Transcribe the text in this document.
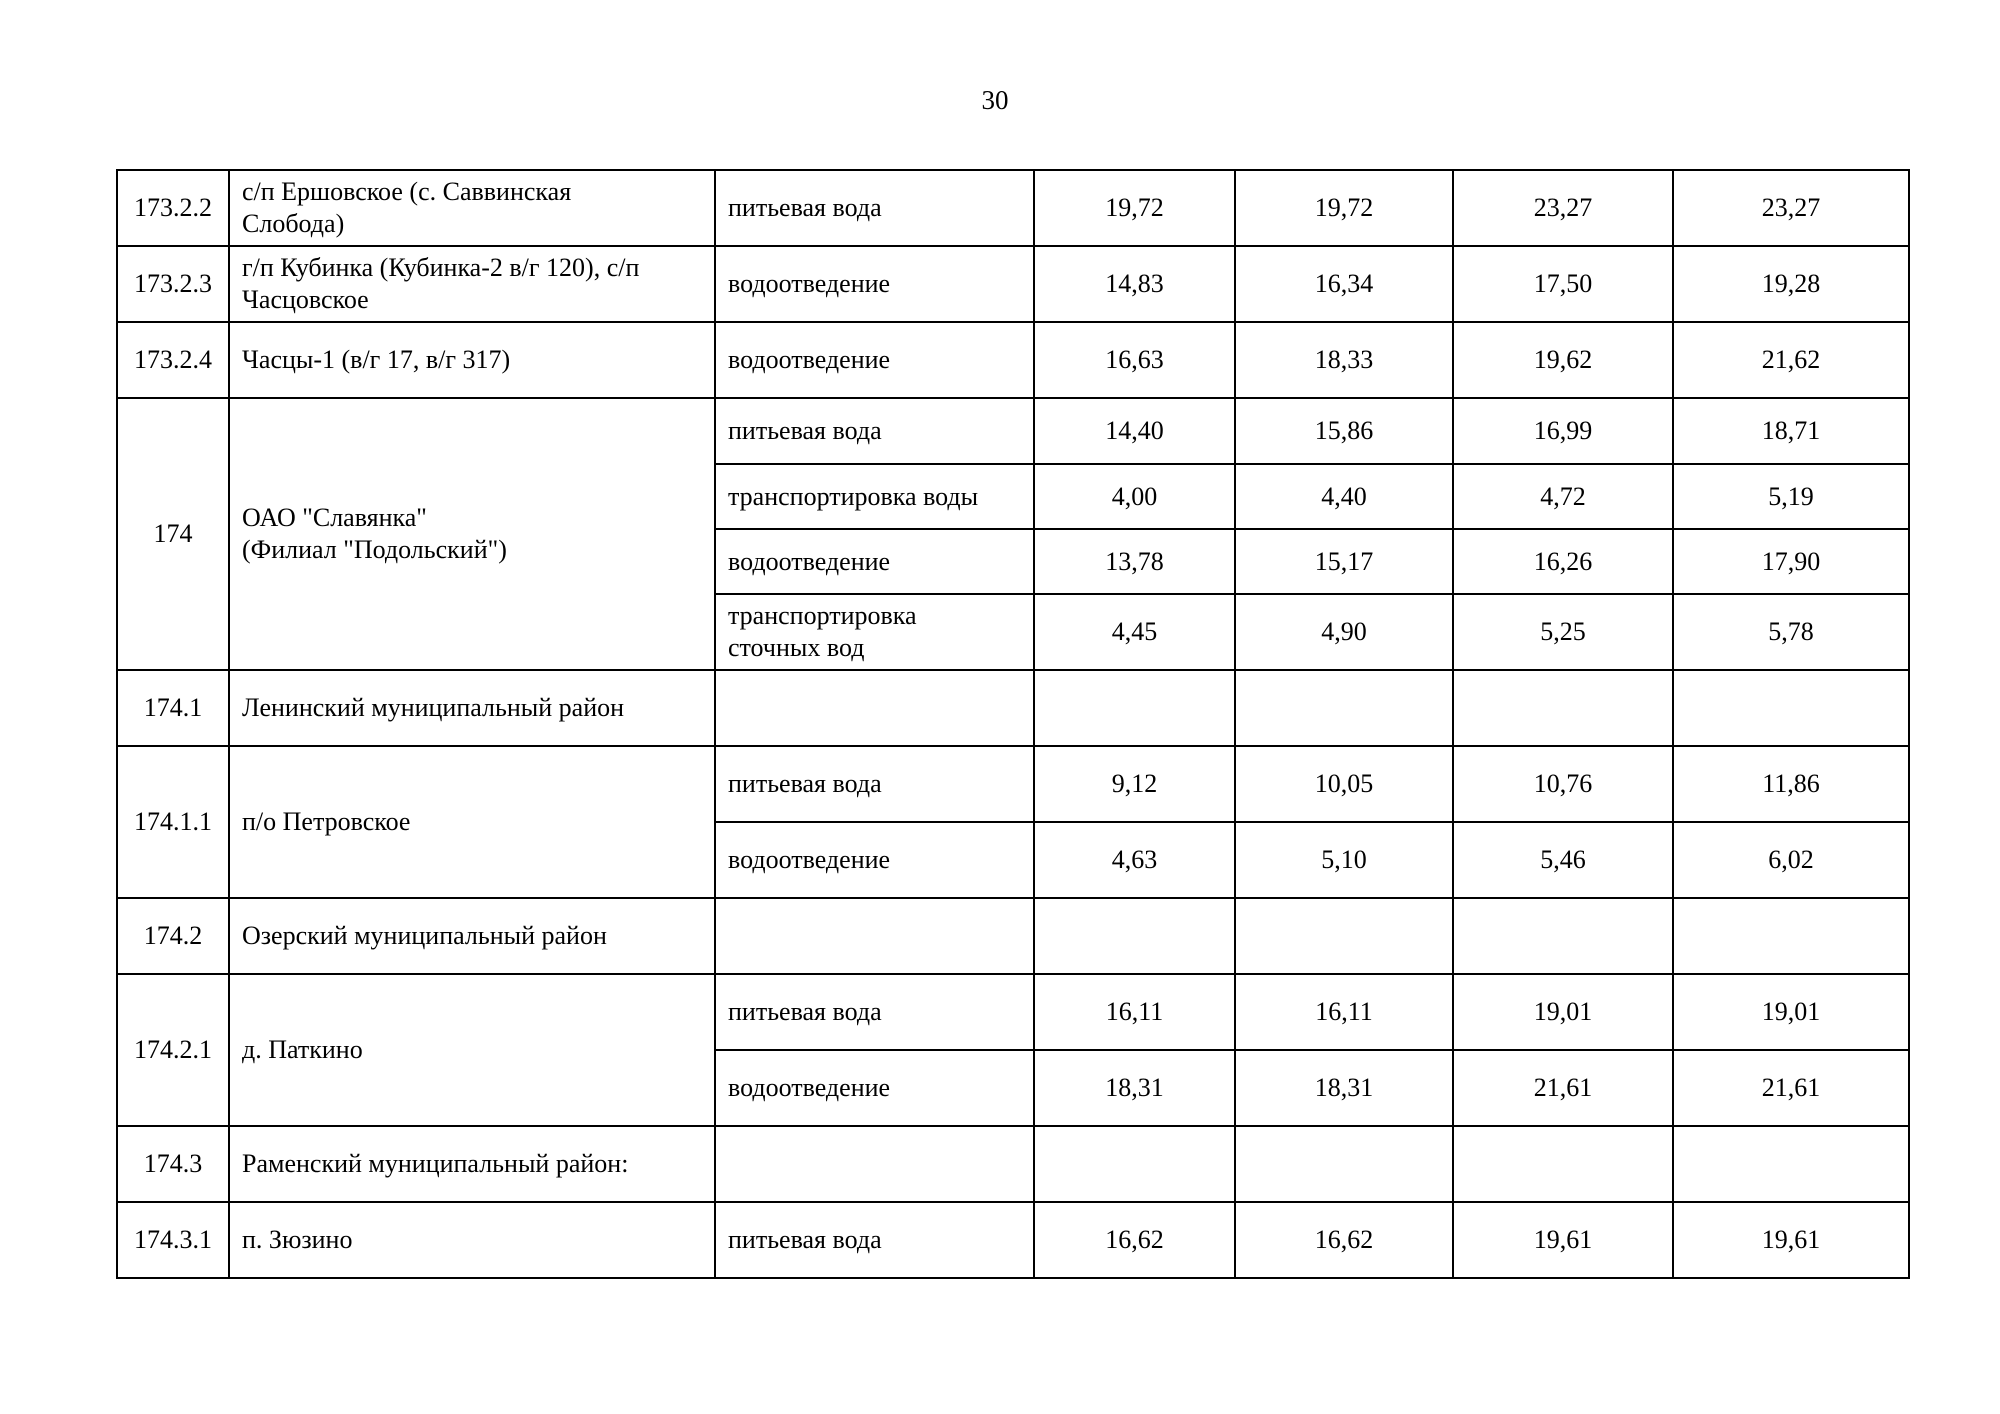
30
173.2.2	с/п Ершовское (с. Саввинская
Слобода)	питьевая вода	19,72	19,72	23,27	23,27
173.2.3	г/п Кубинка (Кубинка-2 в/г 120), с/п
Часцовское	водоотведение	14,83	16,34	17,50	19,28
173.2.4	Часцы-1 (в/г 17, в/г 317)	водоотведение	16,63	18,33	19,62	21,62
174	ОАО "Славянка"
(Филиал "Подольский")	питьевая вода	14,40	15,86	16,99	18,71

		транспортировка воды	4,00	4,40	4,72	5,19

		водоотведение	13,78	15,17	16,26	17,90

		транспортировка
сточных вод	4,45	4,90	5,25	5,78
174.1	Ленинский муниципальный район					

174.1.1	п/о Петровское	питьевая вода	9,12	10,05	10,76	11,86

		водоотведение	4,63	5,10	5,46	6,02
174.2	Озерский муниципальный район					

174.2.1	д. Паткино	питьевая вода	16,11	16,11	19,01	19,01

		водоотведение	18,31	18,31	21,61	21,61
174.3	Раменский муниципальный район:					

174.3.1	п. Зюзино	питьевая вода	16,62	16,62	19,61	19,61
